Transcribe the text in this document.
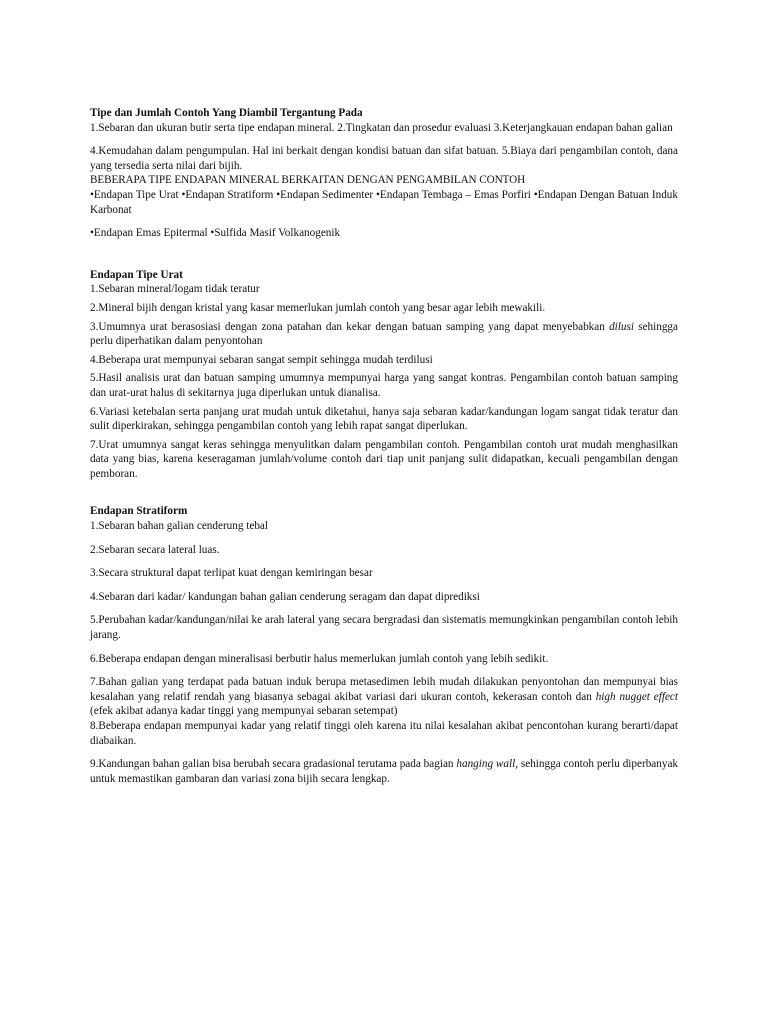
Tipe dan Jumlah Contoh Yang Diambil Tergantung Pada

1.Sebaran dan ukuran butir serta tipe endapan mineral. 2.Tingkatan dan prosedur evaluasi 3.Keterjangkauan endapan bahan galian

4.Kemudahan dalam pengumpulan. Hal ini berkait dengan kondisi batuan dan sifat batuan. 5.Biaya dari pengambilan contoh, dana yang tersedia serta nilai dari bijih.

BEBERAPA TIPE ENDAPAN MINERAL BERKAITAN DENGAN PENGAMBILAN CONTOH

•Endapan Tipe Urat •Endapan Stratiform •Endapan Sedimenter •Endapan Tembaga – Emas Porfiri •Endapan Dengan Batuan Induk Karbonat

•Endapan Emas Epitermal •Sulfida Masif Volkanogenik

Endapan Tipe Urat

1.Sebaran mineral/logam tidak teratur

2.Mineral bijih dengan kristal yang kasar memerlukan jumlah contoh yang besar agar lebih mewakili.

3.Umumnya urat berasosiasi dengan zona patahan dan kekar dengan batuan samping yang dapat menyebabkan dilusi sehingga perlu diperhatikan dalam penyontohan

4.Beberapa urat mempunyai sebaran sangat sempit sehingga mudah terdilusi

5.Hasil analisis urat dan batuan samping umumnya mempunyai harga yang sangat kontras. Pengambilan contoh batuan samping dan urat-urat halus di sekitarnya juga diperlukan untuk dianalisa.

6.Variasi ketebalan serta panjang urat mudah untuk diketahui, hanya saja sebaran kadar/kandungan logam sangat tidak teratur dan sulit diperkirakan, sehingga pengambilan contoh yang lebih rapat sangat diperlukan.

7.Urat umumnya sangat keras sehingga menyulitkan dalam pengambilan contoh. Pengambilan contoh urat mudah menghasilkan data yang bias, karena keseragaman jumlah/volume contoh dari tiap unit panjang sulit didapatkan, kecuali pengambilan dengan pemboran.

Endapan Stratiform

1.Sebaran bahan galian cenderung tebal

2.Sebaran secara lateral luas.

3.Secara struktural dapat terlipat kuat dengan kemiringan besar

4.Sebaran dari kadar/ kandungan bahan galian cenderung seragam dan dapat diprediksi

5.Perubahan kadar/kandungan/nilai ke arah lateral yang secara bergradasi dan sistematis memungkinkan pengambilan contoh lebih jarang.

6.Beberapa endapan dengan mineralisasi berbutir halus memerlukan jumlah contoh yang lebih sedikit.

7.Bahan galian yang terdapat pada batuan induk berupa metasedimen lebih mudah dilakukan penyontohan dan mempunyai bias kesalahan yang relatif rendah yang biasanya sebagai akibat variasi dari ukuran contoh, kekerasan contoh dan high nugget effect (efek akibat adanya kadar tinggi yang mempunyai sebaran setempat)

8.Beberapa endapan mempunyai kadar yang relatif tinggi oleh karena itu nilai kesalahan akibat pencontohan kurang berarti/dapat diabaikan.

9.Kandungan bahan galian bisa berubah secara gradasional terutama pada bagian hanging wall, sehingga contoh perlu diperbanyak untuk memastikan gambaran dan variasi zona bijih secara lengkap.
